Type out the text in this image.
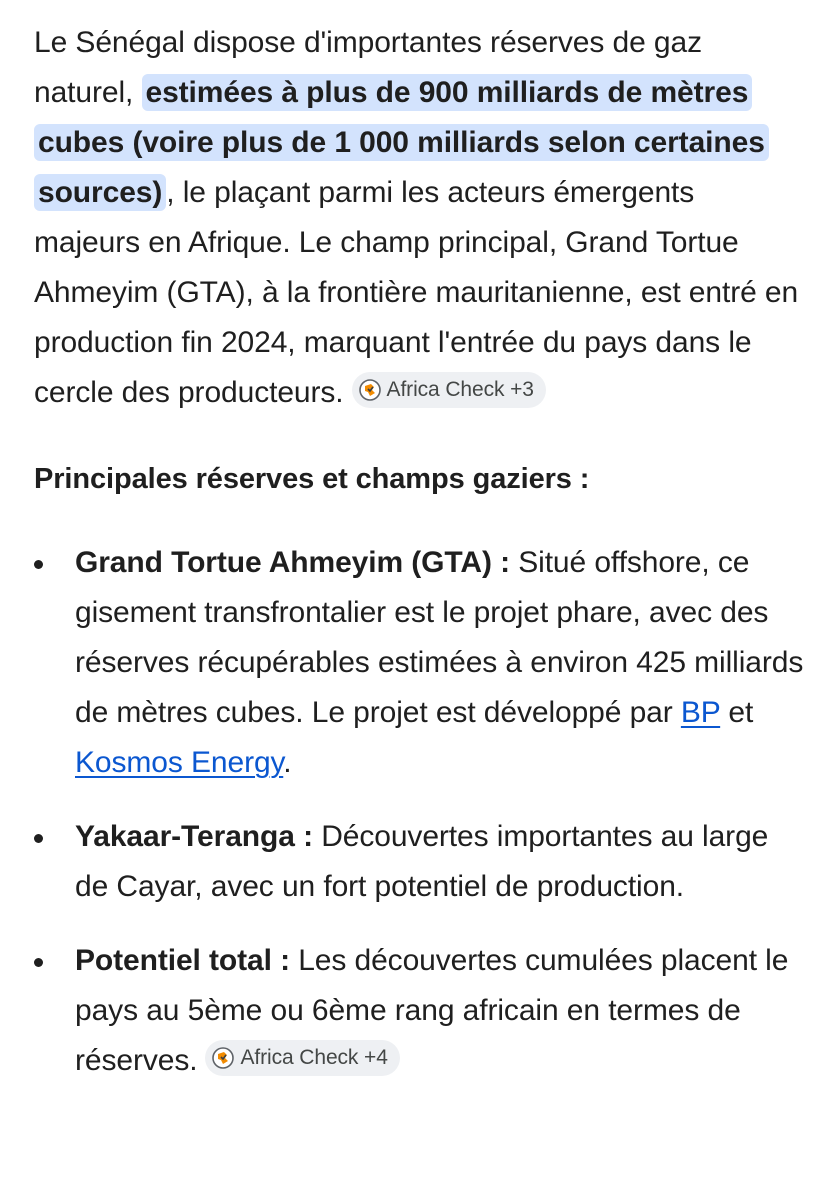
Le Sénégal dispose d'importantes réserves de gaz naturel, estimées à plus de 900 milliards de mètres cubes (voire plus de 1 000 milliards selon certaines sources) , le plaçant parmi les acteurs émergents majeurs en Afrique. Le champ principal, Grand Tortue Ahmeyim (GTA), à la frontière mauritanienne, est entré en production fin 2024, marquant l'entrée du pays dans le cercle des producteurs. Africa Check +3

Principales réserves et champs gaziers :

Grand Tortue Ahmeyim (GTA) : Situé offshore, ce gisement transfrontalier est le projet phare, avec des réserves récupérables estimées à environ 425 milliards de mètres cubes. Le projet est développé par BP et Kosmos Energy.
Yakaar-Teranga : Découvertes importantes au large de Cayar, avec un fort potentiel de production.
Potentiel total : Les découvertes cumulées placent le pays au 5ème ou 6ème rang africain en termes de réserves. Africa Check +4
